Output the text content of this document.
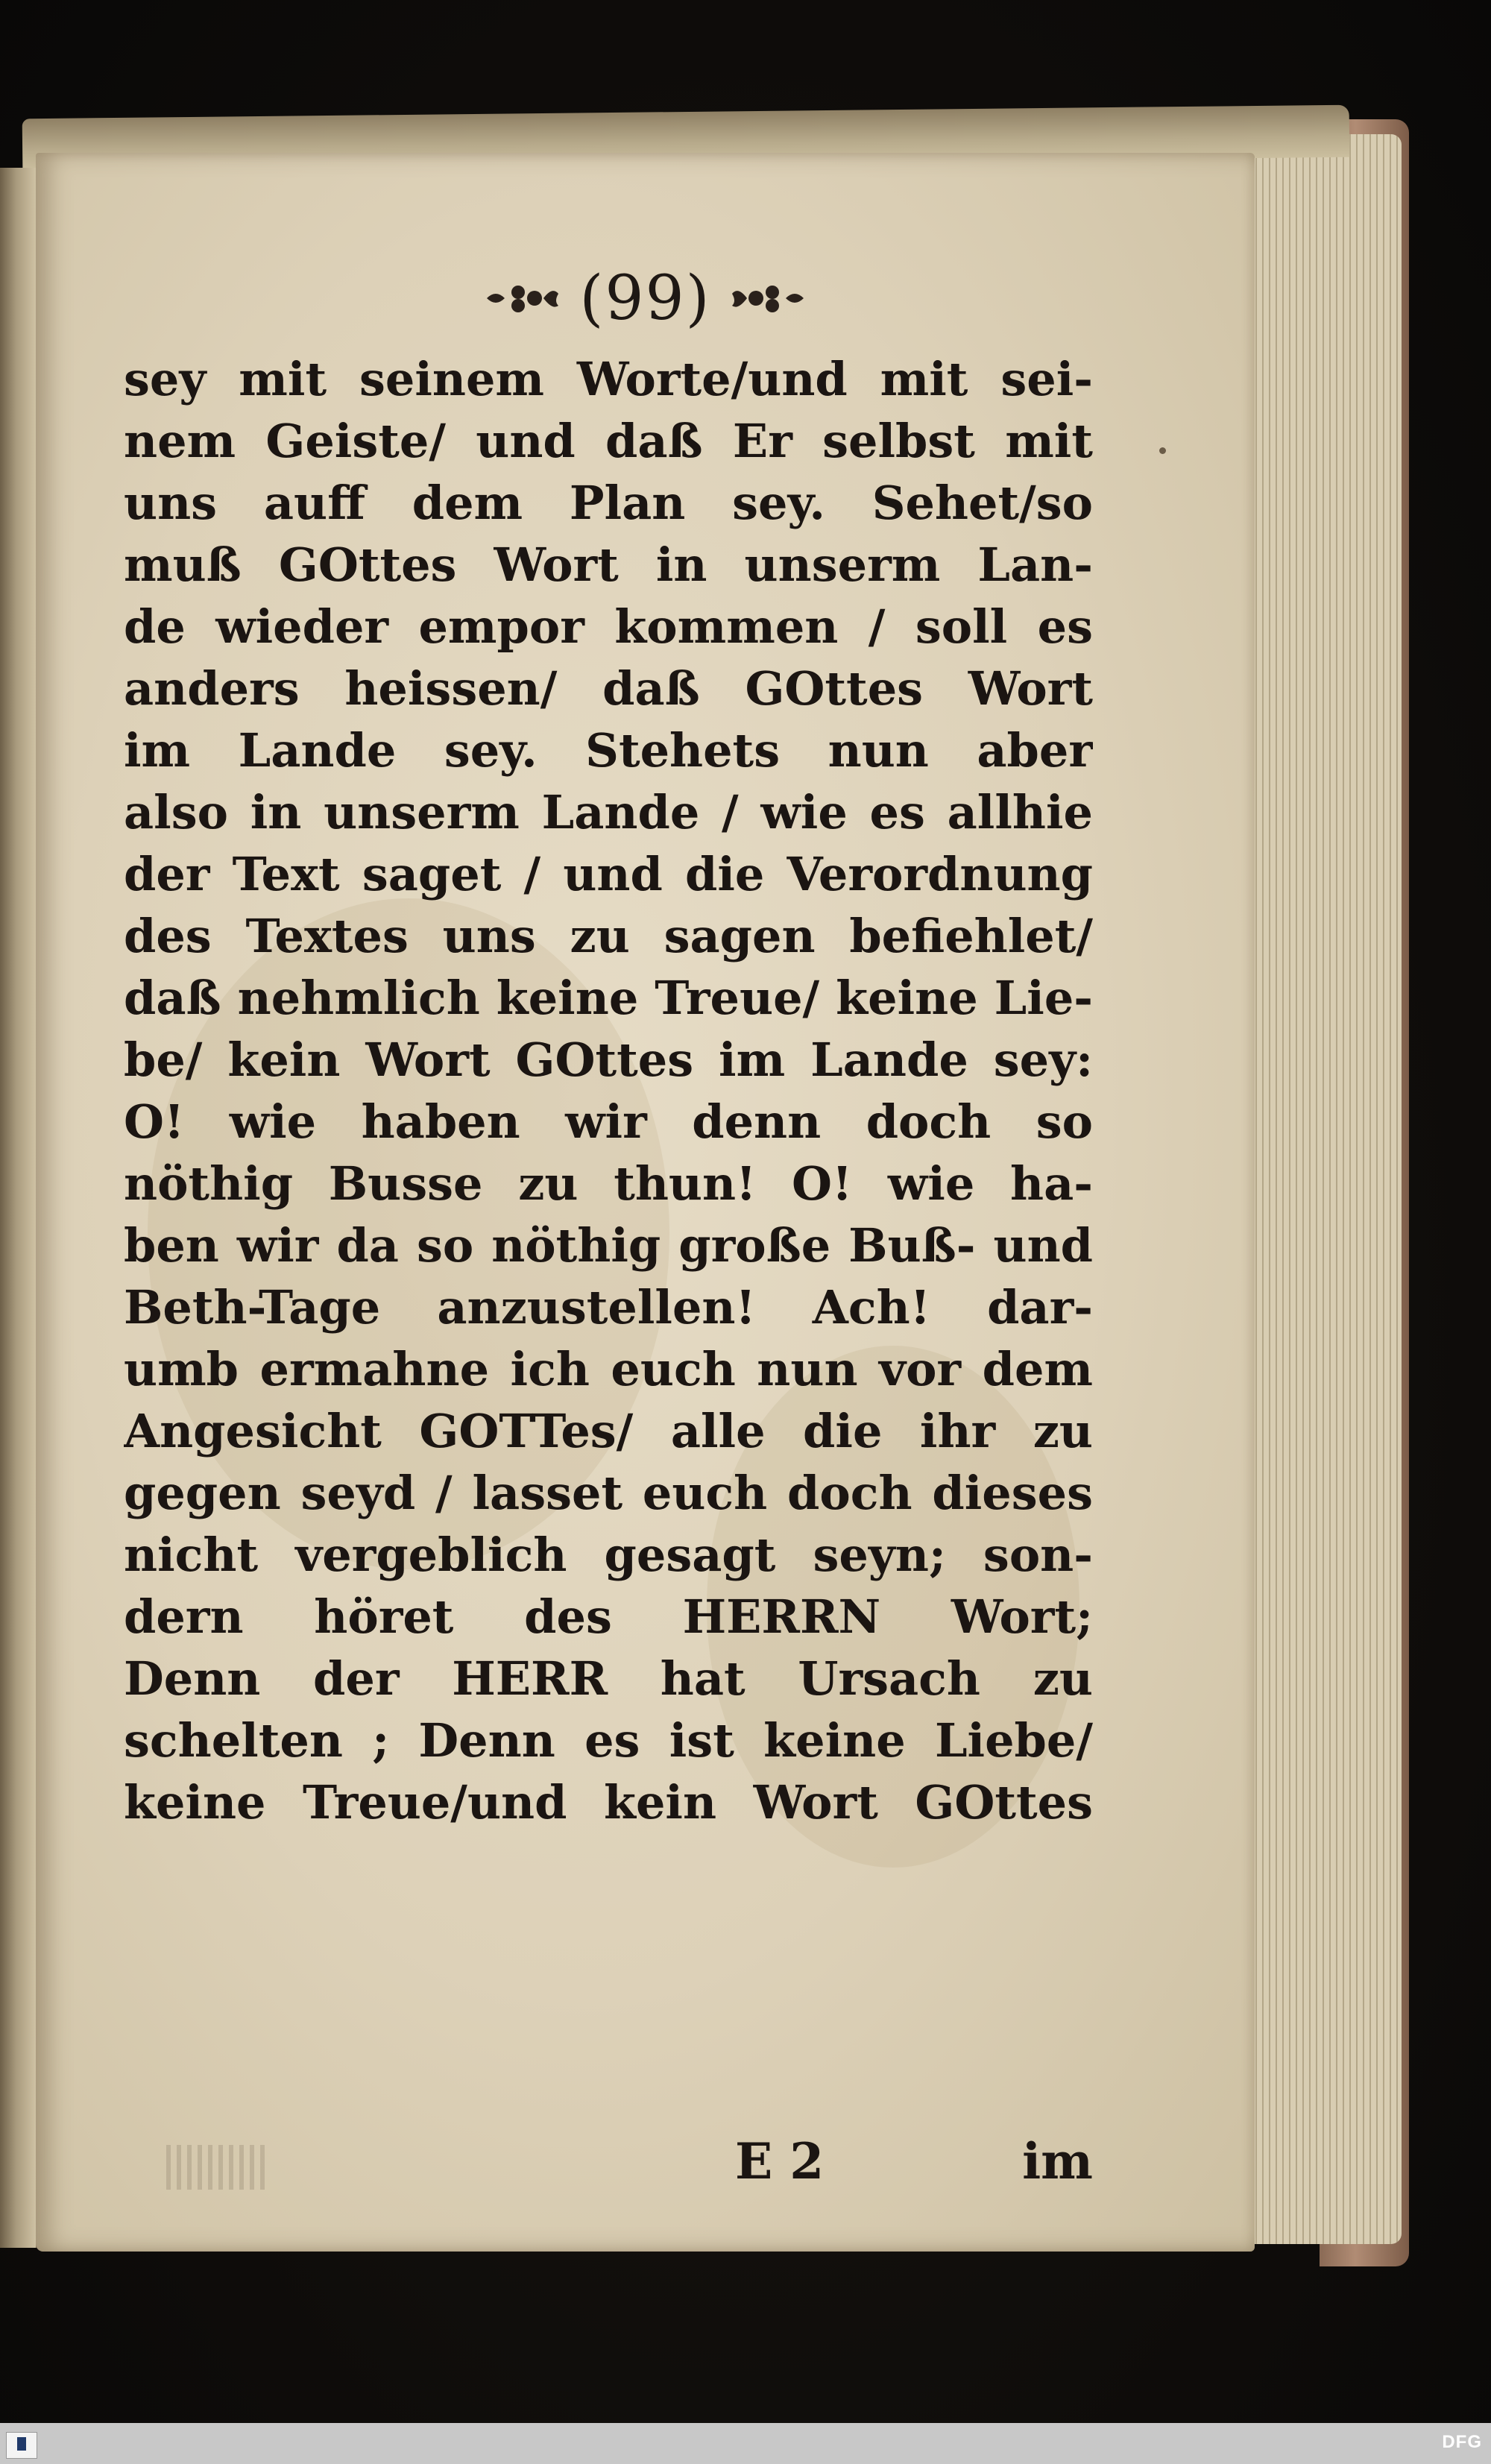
(99)
sey mit seinem Worte/und mit sei-
nem Geiste/ und daß Er selbst mit
uns auff dem Plan sey. Sehet/so
muß GOttes Wort in unserm Lan-
de wieder empor kommen / soll es
anders heissen/ daß GOttes Wort
im Lande sey. Stehets nun aber
also in unserm Lande / wie es allhie
der Text saget / und die Verordnung
des Textes uns zu sagen befiehlet/
daß nehmlich keine Treue/ keine Lie-
be/ kein Wort GOttes im Lande sey:
O! wie haben wir denn doch so
nöthig Busse zu thun! O! wie ha-
ben wir da so nöthig große Buß- und
Beth-Tage anzustellen! Ach! dar-
umb ermahne ich euch nun vor dem
Angesicht GOTTes/ alle die ihr zu
gegen seyd / lasset euch doch dieses
nicht vergeblich gesagt seyn; son-
dern höret des HERRN Wort;
Denn der HERR hat Ursach zu
schelten ; Denn es ist keine Liebe/
keine Treue/und kein Wort GOttes
E 2	im
DFG
